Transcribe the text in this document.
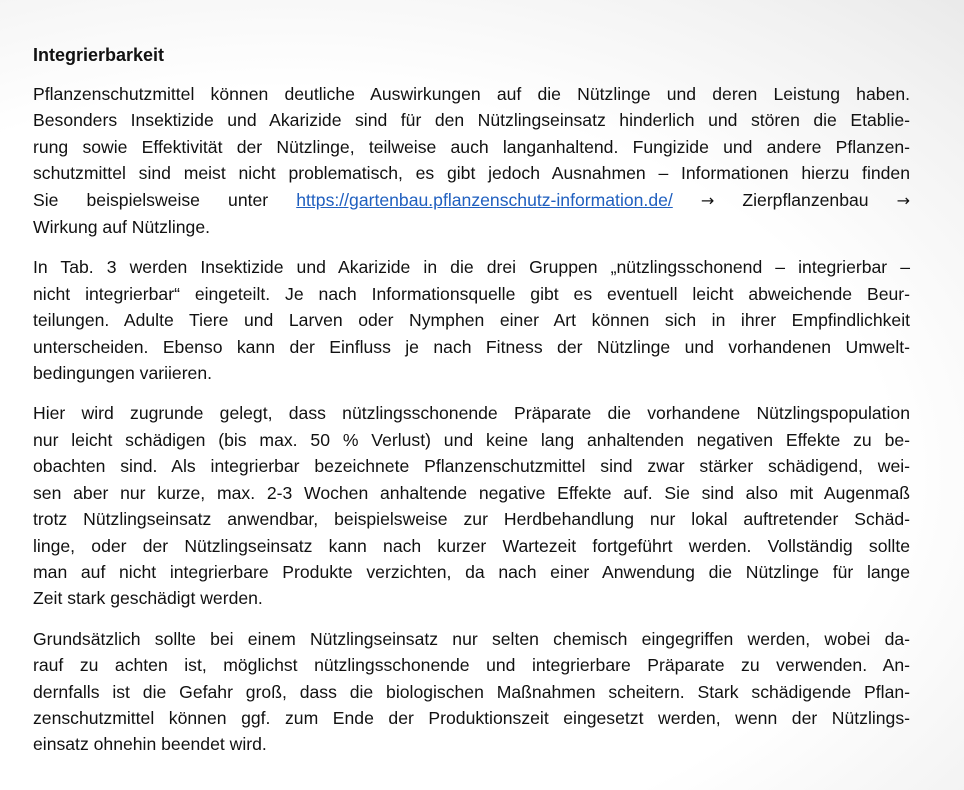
Integrierbarkeit

Pflanzenschutzmittel können deutliche Auswirkungen auf die Nützlinge und deren Leistung haben.
Besonders Insektizide und Akarizide sind für den Nützlingseinsatz hinderlich und stören die Etablie-
rung sowie Effektivität der Nützlinge, teilweise auch langanhaltend. Fungizide und andere Pflanzen-
schutzmittel sind meist nicht problematisch, es gibt jedoch Ausnahmen – Informationen hierzu finden
Sie beispielsweise unter https://gartenbau.pflanzenschutz-information.de/ → Zierpflanzenbau →
Wirkung auf Nützlinge.

In Tab. 3 werden Insektizide und Akarizide in die drei Gruppen „nützlingsschonend – integrierbar –
nicht integrierbar“ eingeteilt. Je nach Informationsquelle gibt es eventuell leicht abweichende Beur-
teilungen. Adulte Tiere und Larven oder Nymphen einer Art können sich in ihrer Empfindlichkeit
unterscheiden. Ebenso kann der Einfluss je nach Fitness der Nützlinge und vorhandenen Umwelt-
bedingungen variieren.

Hier wird zugrunde gelegt, dass nützlingsschonende Präparate die vorhandene Nützlingspopulation
nur leicht schädigen (bis max. 50 % Verlust) und keine lang anhaltenden negativen Effekte zu be-
obachten sind. Als integrierbar bezeichnete Pflanzenschutzmittel sind zwar stärker schädigend, wei-
sen aber nur kurze, max. 2-3 Wochen anhaltende negative Effekte auf. Sie sind also mit Augenmaß
trotz Nützlingseinsatz anwendbar, beispielsweise zur Herdbehandlung nur lokal auftretender Schäd-
linge, oder der Nützlingseinsatz kann nach kurzer Wartezeit fortgeführt werden. Vollständig sollte
man auf nicht integrierbare Produkte verzichten, da nach einer Anwendung die Nützlinge für lange
Zeit stark geschädigt werden.

Grundsätzlich sollte bei einem Nützlingseinsatz nur selten chemisch eingegriffen werden, wobei da-
rauf zu achten ist, möglichst nützlingsschonende und integrierbare Präparate zu verwenden. An-
dernfalls ist die Gefahr groß, dass die biologischen Maßnahmen scheitern. Stark schädigende Pflan-
zenschutzmittel können ggf. zum Ende der Produktionszeit eingesetzt werden, wenn der Nützlings-
einsatz ohnehin beendet wird.
